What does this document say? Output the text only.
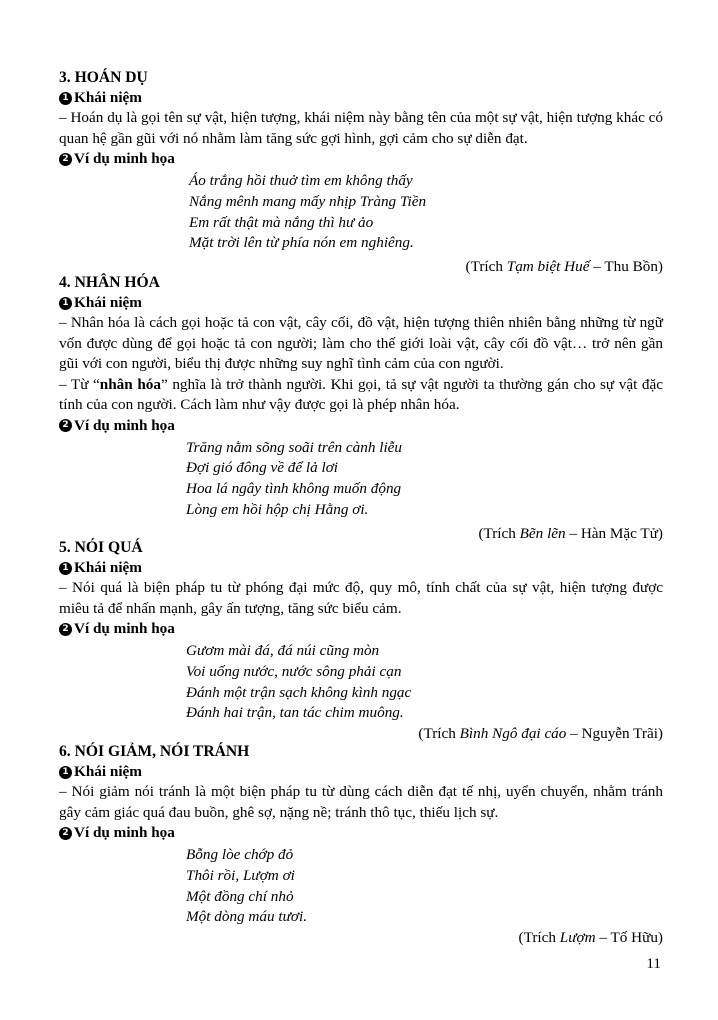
3. HOÁN DỤ

1 Khái niệm

– Hoán dụ là gọi tên sự vật, hiện tượng, khái niệm này bằng tên của một sự vật, hiện tượng khác có quan hệ gần gũi với nó nhằm làm tăng sức gợi hình, gợi cảm cho sự diễn đạt.

2 Ví dụ minh họa

Áo trắng hồi thuở tìm em không thấy

Nắng mênh mang mấy nhịp Tràng Tiền

Em rất thật mà nắng thì hư ảo

Mặt trời lên từ phía nón em nghiêng.

(Trích Tạm biệt Huế – Thu Bồn)

4. NHÂN HÓA

1 Khái niệm

– Nhân hóa là cách gọi hoặc tả con vật, cây cối, đồ vật, hiện tượng thiên nhiên bằng những từ ngữ vốn được dùng để gọi hoặc tả con người; làm cho thế giới loài vật, cây cối đồ vật… trở nên gần gũi với con người, biểu thị được những suy nghĩ tình cảm của con người.

– Từ “nhân hóa” nghĩa là trở thành người. Khi gọi, tả sự vật người ta thường gán cho sự vật đặc tính của con người. Cách làm như vậy được gọi là phép nhân hóa.

2 Ví dụ minh họa

Trăng nằm sõng soãi trên cành liễu

Đợi gió đông về để lả lơi

Hoa lá ngây tình không muốn động

Lòng em hồi hộp chị Hằng ơi.

(Trích Bẽn lẽn – Hàn Mặc Tử)

5. NÓI QUÁ

1 Khái niệm

– Nói quá là biện pháp tu từ phóng đại mức độ, quy mô, tính chất của sự vật, hiện tượng được miêu tả để nhấn mạnh, gây ấn tượng, tăng sức biểu cảm.

2 Ví dụ minh họa

Gươm mài đá, đá núi cũng mòn

Voi uống nước, nước sông phải cạn

Đánh một trận sạch không kình ngạc

Đánh hai trận, tan tác chim muông.

(Trích Bình Ngô đại cáo – Nguyễn Trãi)

6. NÓI GIẢM, NÓI TRÁNH

1 Khái niệm

– Nói giảm nói tránh là một biện pháp tu từ dùng cách diễn đạt tế nhị, uyển chuyển, nhằm tránh gây cảm giác quá đau buồn, ghê sợ, nặng nề; tránh thô tục, thiếu lịch sự.

2 Ví dụ minh họa

Bỗng lòe chớp đỏ

Thôi rồi, Lượm ơi

Một đồng chí nhỏ

Một dòng máu tươi.

(Trích Lượm – Tố Hữu)

11
